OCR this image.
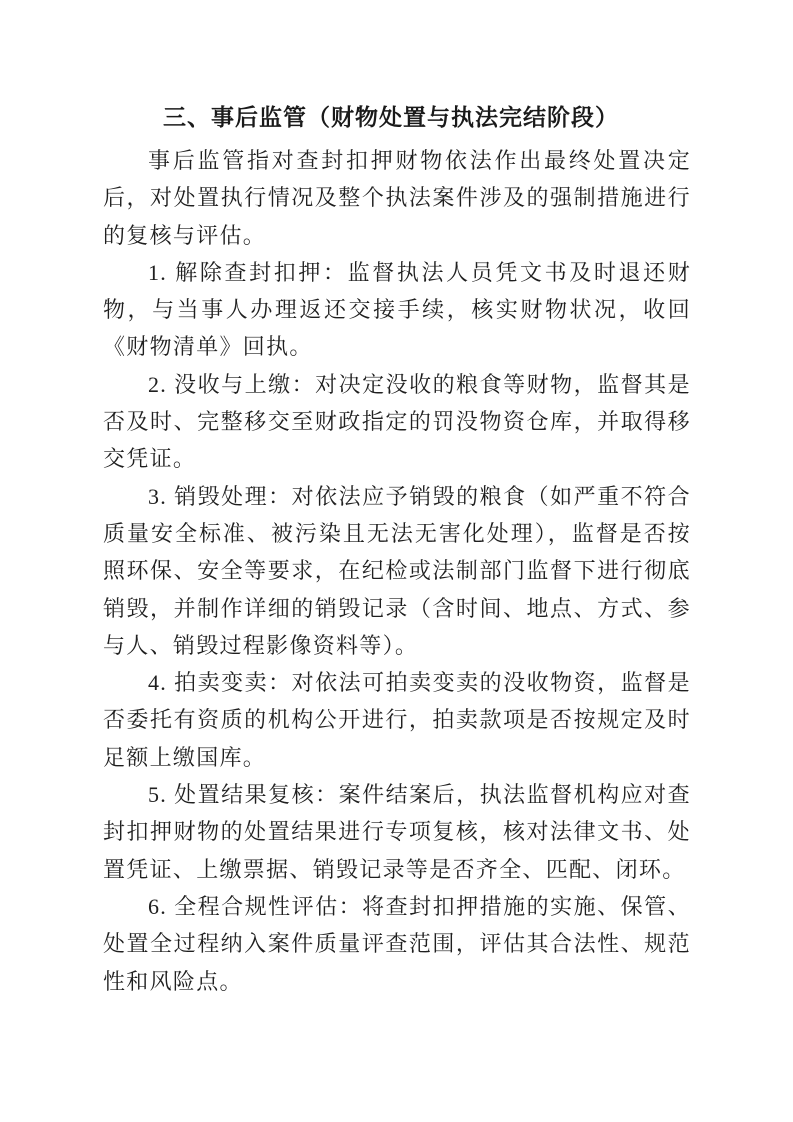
三、事后监管（财物处置与执法完结阶段）

事后监管指对查封扣押财物依法作出最终处置决定后，对处置执行情况及整个执法案件涉及的强制措施进行的复核与评估。

1. 解除查封扣押：监督执法人员凭文书及时退还财物，与当事人办理返还交接手续，核实财物状况，收回《财物清单》回执。

2. 没收与上缴：对决定没收的粮食等财物，监督其是否及时、完整移交至财政指定的罚没物资仓库，并取得移交凭证。

3. 销毁处理：对依法应予销毁的粮食（如严重不符合质量安全标准、被污染且无法无害化处理），监督是否按照环保、安全等要求，在纪检或法制部门监督下进行彻底销毁，并制作详细的销毁记录（含时间、地点、方式、参与人、销毁过程影像资料等）。

4. 拍卖变卖：对依法可拍卖变卖的没收物资，监督是否委托有资质的机构公开进行，拍卖款项是否按规定及时足额上缴国库。

5. 处置结果复核：案件结案后，执法监督机构应对查封扣押财物的处置结果进行专项复核，核对法律文书、处置凭证、上缴票据、销毁记录等是否齐全、匹配、闭环。

6. 全程合规性评估：将查封扣押措施的实施、保管、处置全过程纳入案件质量评查范围，评估其合法性、规范性和风险点。
